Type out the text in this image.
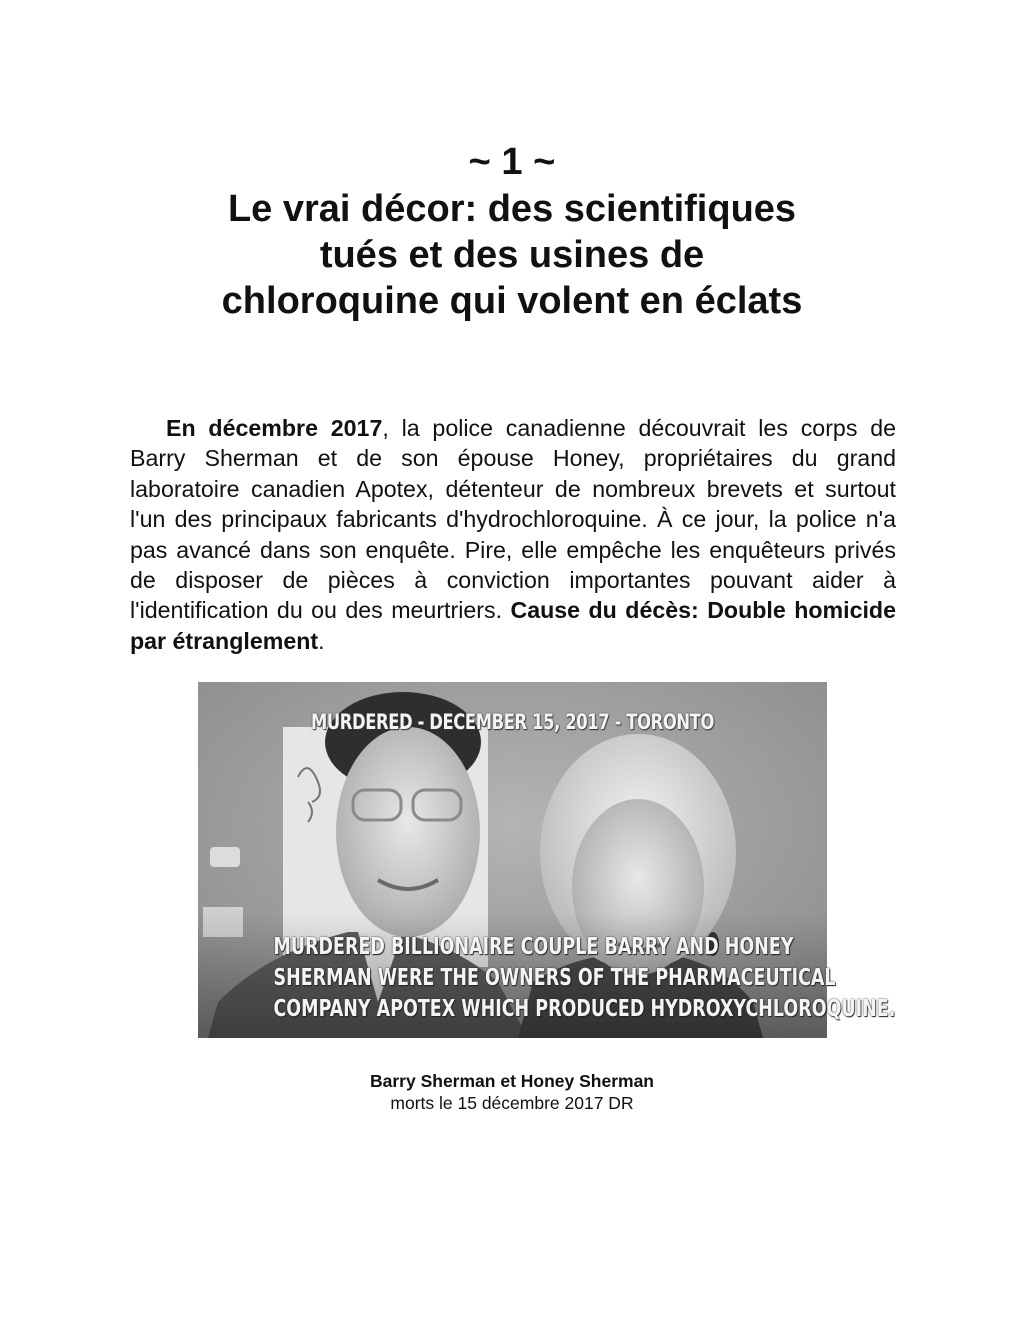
~ 1 ~
Le vrai décor: des scientifiques
tués et des usines de
chloroquine qui volent en éclats

En décembre 2017, la police canadienne découvrait les corps de Barry Sherman et de son épouse Honey, propriétaires du grand laboratoire canadien Apotex, détenteur de nombreux brevets et surtout l'un des principaux fabricants d'hydrochloroquine. À ce jour, la police n'a pas avancé dans son enquête. Pire, elle empêche les enquêteurs privés de disposer de pièces à conviction importantes pouvant aider à l'identification du ou des meurtriers. Cause du décès: Double homicide par étranglement.

MURDERED - DECEMBER 15, 2017 - TORONTO
MURDERED BILLIONAIRE COUPLE BARRY AND HONEY
SHERMAN WERE THE OWNERS OF THE PHARMACEUTICAL
COMPANY APOTEX WHICH PRODUCED HYDROXYCHLOROQUINE.
Barry Sherman et Honey Sherman
morts le 15 décembre 2017 DR
